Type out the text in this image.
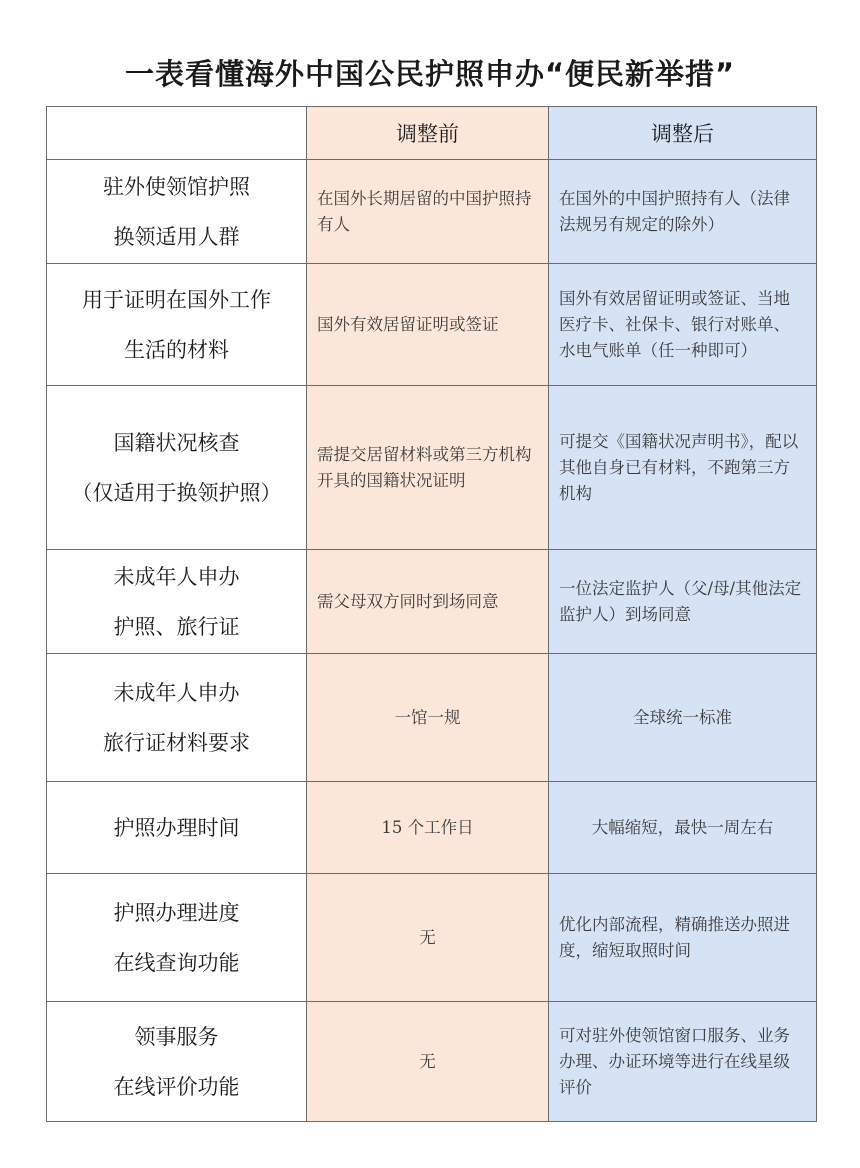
一表看懂海外中国公民护照申办“便民新举措”
	调整前	调整后

驻外使领馆护照
换领适用人群	在国外长期居留的中国护照持有人	在国外的中国护照持有人（法律法规另有规定的除外）

用于证明在国外工作
生活的材料	国外有效居留证明或签证	国外有效居留证明或签证、当地医疗卡、社保卡、银行对账单、水电气账单（任一种即可）

国籍状况核查
（仅适用于换领护照）	需提交居留材料或第三方机构开具的国籍状况证明	可提交《国籍状况声明书》，配以其他自身已有材料，不跑第三方机构

未成年人申办
护照、旅行证	需父母双方同时到场同意	一位法定监护人（父/母/其他法定监护人）到场同意

未成年人申办
旅行证材料要求	一馆一规	全球统一标准

护照办理时间	15 个工作日	大幅缩短，最快一周左右

护照办理进度
在线查询功能	无	优化内部流程，精确推送办照进度，缩短取照时间

领事服务
在线评价功能	无	可对驻外使领馆窗口服务、业务办理、办证环境等进行在线星级评价
